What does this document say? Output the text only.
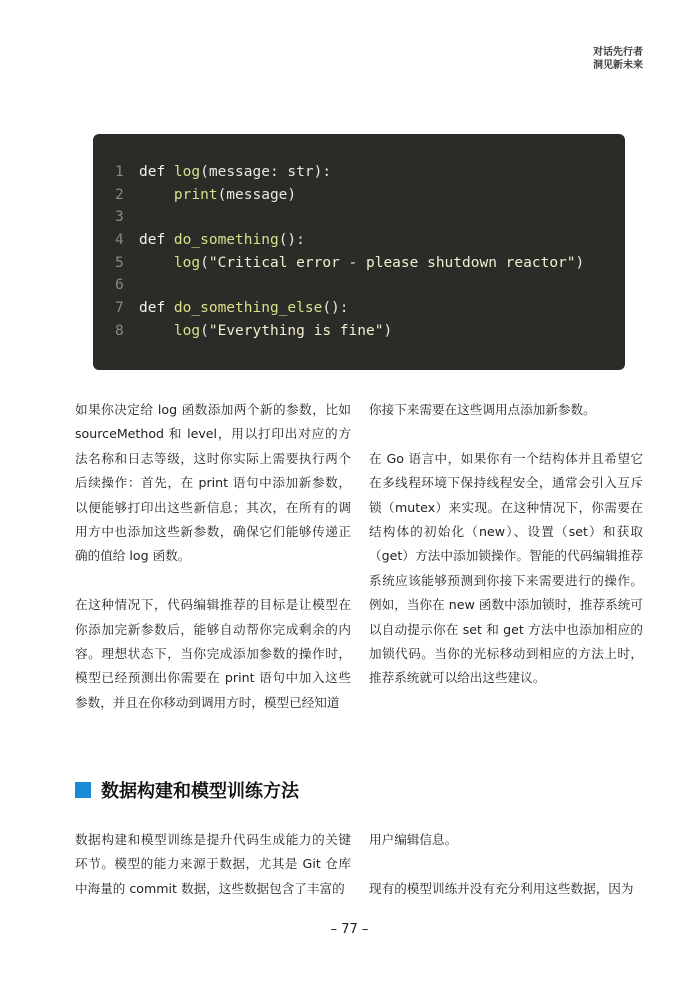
对话先行者
洞见新未来
1 def log(message: str):
2	print(message)
3
4 def do_something():
5	log("Critical error - please shutdown reactor")
6
7 def do_something_else():
8	log("Everything is fine")

如果你决定给 log 函数添加两个新的参数，比如 sourceMethod 和 level，用以打印出对应的方法名称和日志等级，这时你实际上需要执行两个后续操作：首先，在 print 语句中添加新参数，以便能够打印出这些新信息；其次，在所有的调用方中也添加这些新参数，确保它们能够传递正确的值给 log 函数。

在这种情况下，代码编辑推荐的目标是让模型在你添加完新参数后，能够自动帮你完成剩余的内容。理想状态下，当你完成添加参数的操作时，模型已经预测出你需要在 print 语句中加入这些参数，并且在你移动到调用方时，模型已经知道

你接下来需要在这些调用点添加新参数。

在 Go 语言中，如果你有一个结构体并且希望它在多线程环境下保持线程安全，通常会引入互斥锁（mutex）来实现。在这种情况下，你需要在结构体的初始化（new）、设置（set）和获取（get）方法中添加锁操作。智能的代码编辑推荐系统应该能够预测到你接下来需要进行的操作。例如，当你在 new 函数中添加锁时，推荐系统可以自动提示你在 set 和 get 方法中也添加相应的加锁代码。当你的光标移动到相应的方法上时，推荐系统就可以给出这些建议。

数据构建和模型训练方法

数据构建和模型训练是提升代码生成能力的关键环节。模型的能力来源于数据，尤其是 Git 仓库中海量的 commit 数据，这些数据包含了丰富的

用户编辑信息。

现有的模型训练并没有充分利用这些数据，因为

– 77 –
